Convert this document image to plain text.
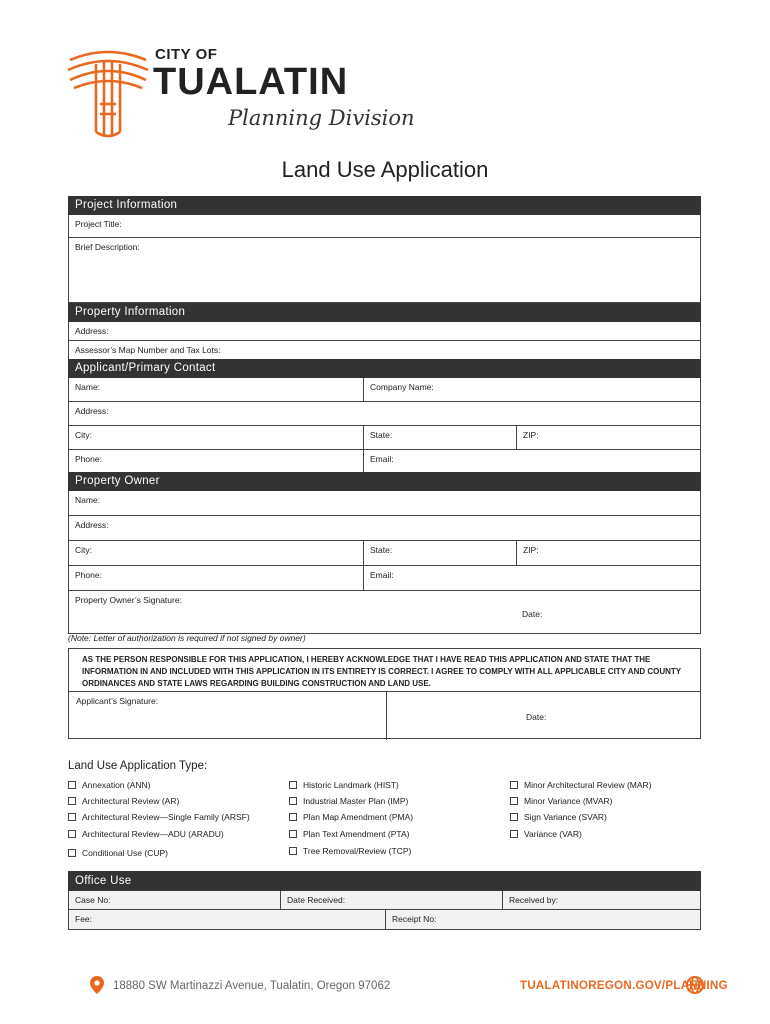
CITY OF
TUALATIN
Planning Division
Land Use Application
Project Information
Project Title:
Brief Description:
Property Information
Address:
Assessor’s Map Number and Tax Lots:
Applicant/Primary Contact
Name:	Company Name:
Address:
City:	State:	ZIP:
Phone:	Email:
Property Owner
Name:
Address:
City:	State:	ZIP:
Phone:	Email:
Property Owner’s Signature:
Date:
(Note: Letter of authorization is required if not signed by owner)
AS THE PERSON RESPONSIBLE FOR THIS APPLICATION, I HEREBY ACKNOWLEDGE THAT I HAVE READ THIS APPLICATION AND STATE THAT THE INFORMATION IN AND INCLUDED WITH THIS APPLICATION IN ITS ENTIRETY IS CORRECT. I AGREE TO COMPLY WITH ALL APPLICABLE CITY AND COUNTY ORDINANCES AND STATE LAWS REGARDING BUILDING CONSTRUCTION AND LAND USE.
Applicant’s Signature:
Date:
Land Use Application Type:
Annexation (ANN)
Architectural Review (AR)
Architectural Review—Single Family (ARSF)
Architectural Review—ADU (ARADU)
Conditional Use (CUP)
Historic Landmark (HIST)
Industrial Master Plan (IMP)
Plan Map Amendment (PMA)
Plan Text Amendment (PTA)
Tree Removal/Review (TCP)
Minor Architectural Review (MAR)
Minor Variance (MVAR)
Sign Variance (SVAR)
Variance (VAR)
Office Use
Case No:	Date Received:	Received by:
Fee:	Receipt No:
18880 SW Martinazzi Avenue, Tualatin, Oregon 97062	TUALATINOREGON.GOV/PLANNING
